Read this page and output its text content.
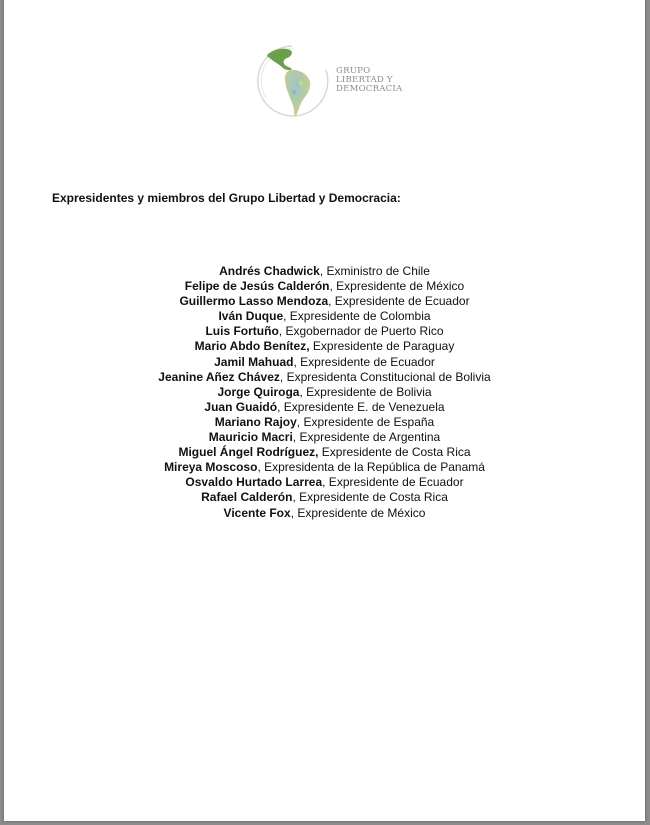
GRUPO
LIBERTAD Y
DEMOCRACIA
Expresidentes y miembros del Grupo Libertad y Democracia:
Andrés Chadwick, Exministro de Chile
Felipe de Jesús Calderón, Expresidente de México
Guillermo Lasso Mendoza, Expresidente de Ecuador
Iván Duque, Expresidente de Colombia
Luis Fortuño, Exgobernador de Puerto Rico
Mario Abdo Benítez, Expresidente de Paraguay
Jamil Mahuad, Expresidente de Ecuador
Jeanine Añez Chávez, Expresidenta Constitucional de Bolivia
Jorge Quiroga, Expresidente de Bolivia
Juan Guaidó, Expresidente E. de Venezuela
Mariano Rajoy, Expresidente de España
Mauricio Macri, Expresidente de Argentina
Miguel Ángel Rodríguez, Expresidente de Costa Rica
Mireya Moscoso, Expresidenta de la República de Panamá
Osvaldo Hurtado Larrea, Expresidente de Ecuador
Rafael Calderón, Expresidente de Costa Rica
Vicente Fox, Expresidente de México
